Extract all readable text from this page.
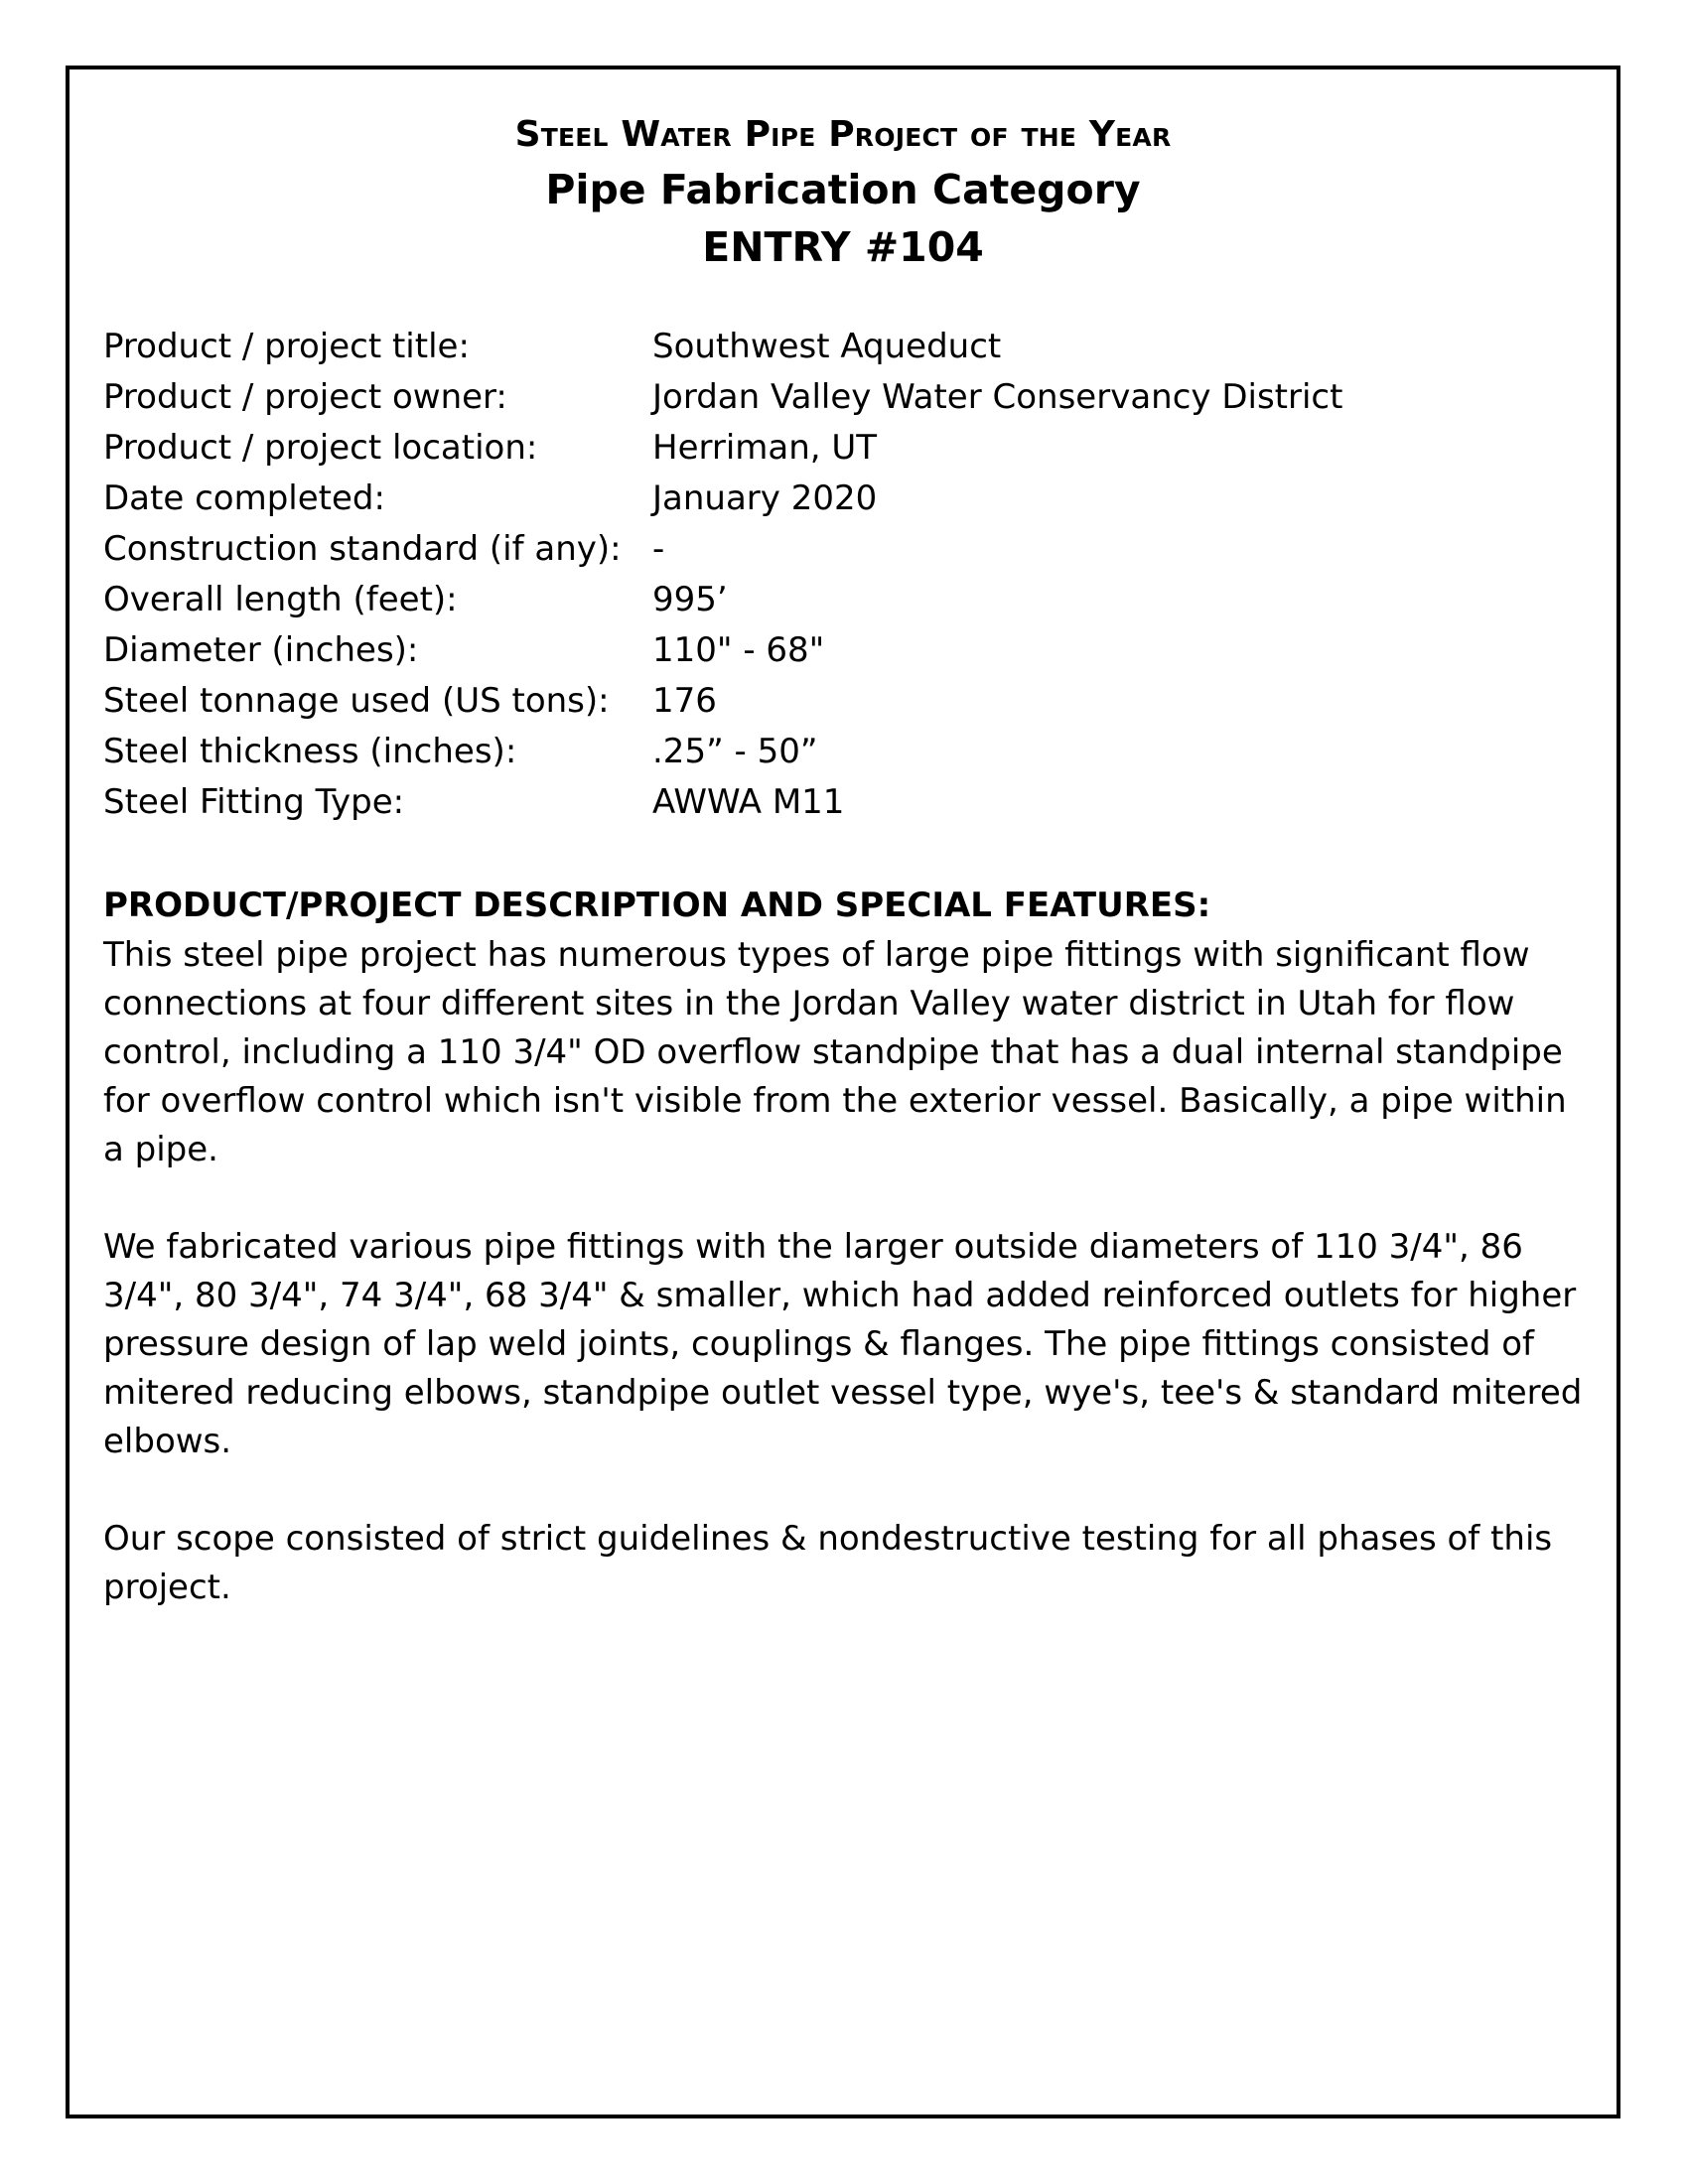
Steel Water Pipe Project of the Year
Pipe Fabrication Category
ENTRY #104
Product / project title:	Southwest Aqueduct
Product / project owner:	Jordan Valley Water Conservancy District
Product / project location:	Herriman, UT
Date completed:	January 2020
Construction standard (if any): -
Overall length (feet):	995’
Diameter (inches):	110" - 68"
Steel tonnage used (US tons):	176
Steel thickness (inches):	.25” - 50”
Steel Fitting Type:	AWWA M11
PRODUCT/PROJECT DESCRIPTION AND SPECIAL FEATURES:

This steel pipe project has numerous types of large pipe fittings with significant flow connections at four different sites in the Jordan Valley water district in Utah for flow control, including a 110 3/4" OD overflow standpipe that has a dual internal standpipe for overflow control which isn't visible from the exterior vessel. Basically, a pipe within a pipe.

We fabricated various pipe fittings with the larger outside diameters of 110 3/4", 86 3/4", 80 3/4", 74 3/4", 68 3/4" & smaller, which had added reinforced outlets for higher pressure design of lap weld joints, couplings & flanges. The pipe fittings consisted of mitered reducing elbows, standpipe outlet vessel type, wye's, tee's & standard mitered elbows.

Our scope consisted of strict guidelines & nondestructive testing for all phases of this project.
